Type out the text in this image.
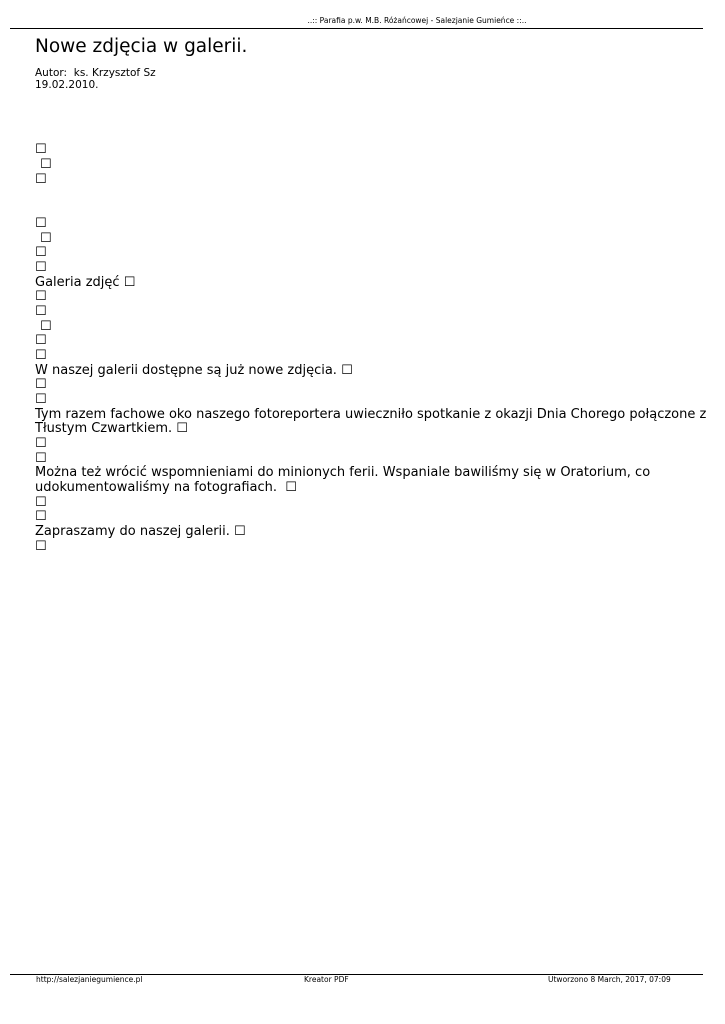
..:: Parafia p.w. M.B. Różańcowej - Salezjanie Gumieńce ::..
Nowe zdjęcia w galerii.
Autor: ks. Krzysztof Sz
19.02.2010.
☐
☐
☐
☐
☐
☐
☐
Galeria zdjęć ☐
☐
☐
☐
☐
☐
W naszej galerii dostępne są już nowe zdjęcia. ☐
☐
☐
Tym razem fachowe oko naszego fotoreportera uwieczniło spotkanie z okazji Dnia Chorego połączone z
Tłustym Czwartkiem. ☐
☐
☐
Można też wrócić wspomnieniami do minionych ferii. Wspaniale bawiliśmy się w Oratorium, co
udokumentowaliśmy na fotografiach. ☐
☐
☐
Zapraszamy do naszej galerii. ☐
☐
http://salezjaniegumience.pl	Kreator PDF	Utworzono 8 March, 2017, 07:09
